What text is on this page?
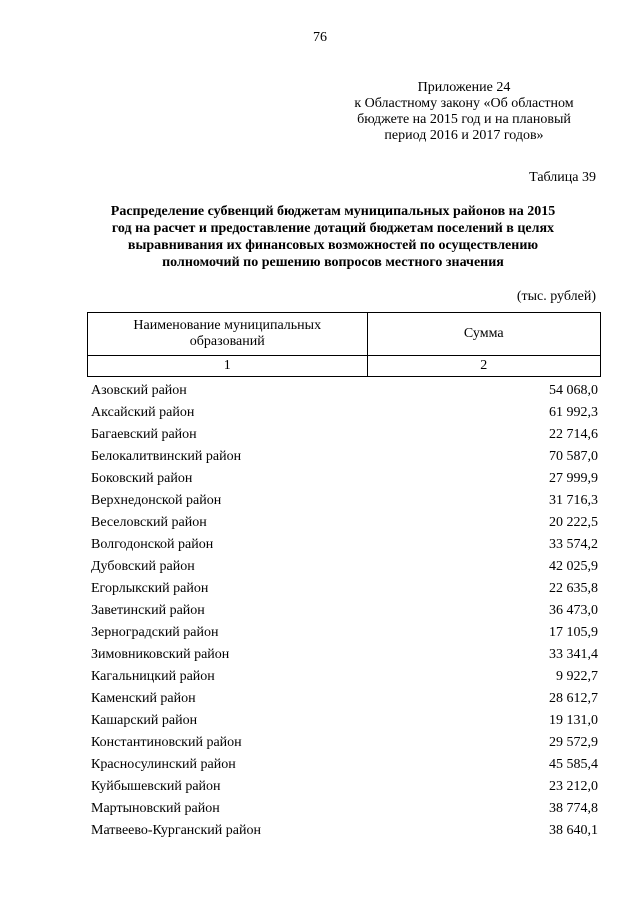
76
Приложение 24
к Областному закону «Об областном
бюджете на 2015 год и на плановый
период 2016 и 2017 годов»
Таблица 39
Распределение субвенций бюджетам муниципальных районов на 2015
год на расчет и предоставление дотаций бюджетам поселений в целях
выравнивания их финансовых возможностей по осуществлению
полномочий по решению вопросов местного значения
(тыс. рублей)
Наименование муниципальных
образований	Сумма
1	2
Азовский район	54 068,0
Аксайский район	61 992,3
Багаевский район	22 714,6
Белокалитвинский район	70 587,0
Боковский район	27 999,9
Верхнедонской район	31 716,3
Веселовский район	20 222,5
Волгодонской район	33 574,2
Дубовский район	42 025,9
Егорлыкский район	22 635,8
Заветинский район	36 473,0
Зерноградский район	17 105,9
Зимовниковский район	33 341,4
Кагальницкий район	9 922,7
Каменский район	28 612,7
Кашарский район	19 131,0
Константиновский район	29 572,9
Красносулинский район	45 585,4
Куйбышевский район	23 212,0
Мартыновский район	38 774,8
Матвеево-Курганский район	38 640,1
